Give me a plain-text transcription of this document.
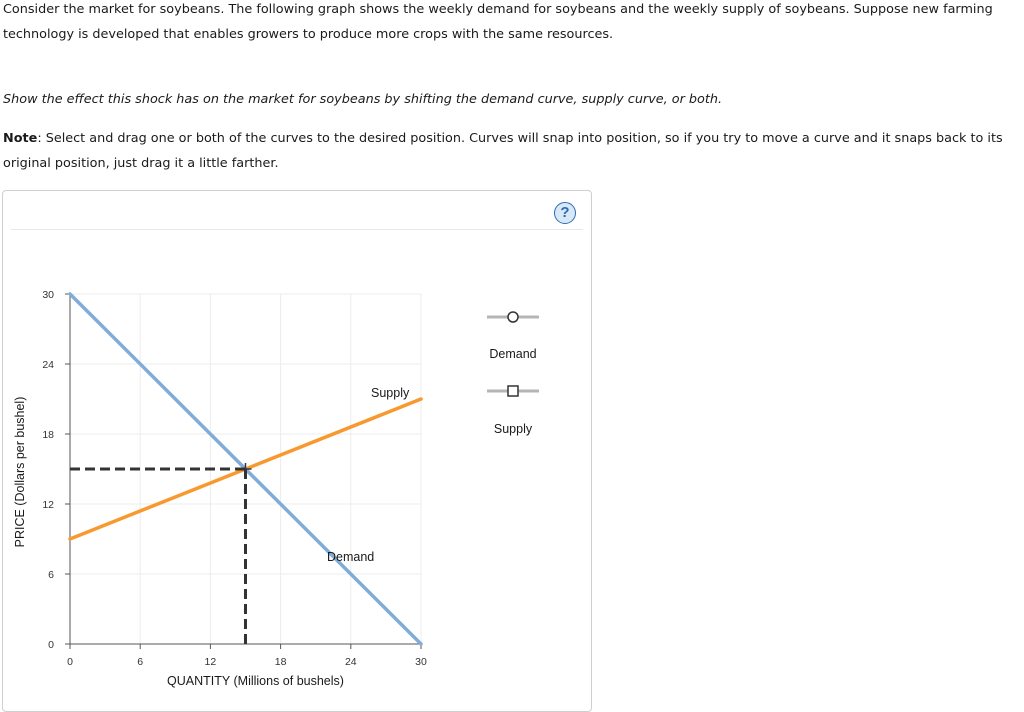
Consider the market for soybeans. The following graph shows the weekly demand for soybeans and the weekly supply of soybeans. Suppose new farming technology is developed that enables growers to produce more crops with the same resources.
Show the effect this shock has on the market for soybeans by shifting the demand curve, supply curve, or both.
Note: Select and drag one or both of the curves to the desired position. Curves will snap into position, so if you try to move a curve and it snaps back to its original position, just drag it a little farther.
?
0	6	12	18	24	30
0
6
12
18
24
30
Supply
Demand
QUANTITY (Millions of bushels)
PRICE (Dollars per bushel)
Demand
Supply
